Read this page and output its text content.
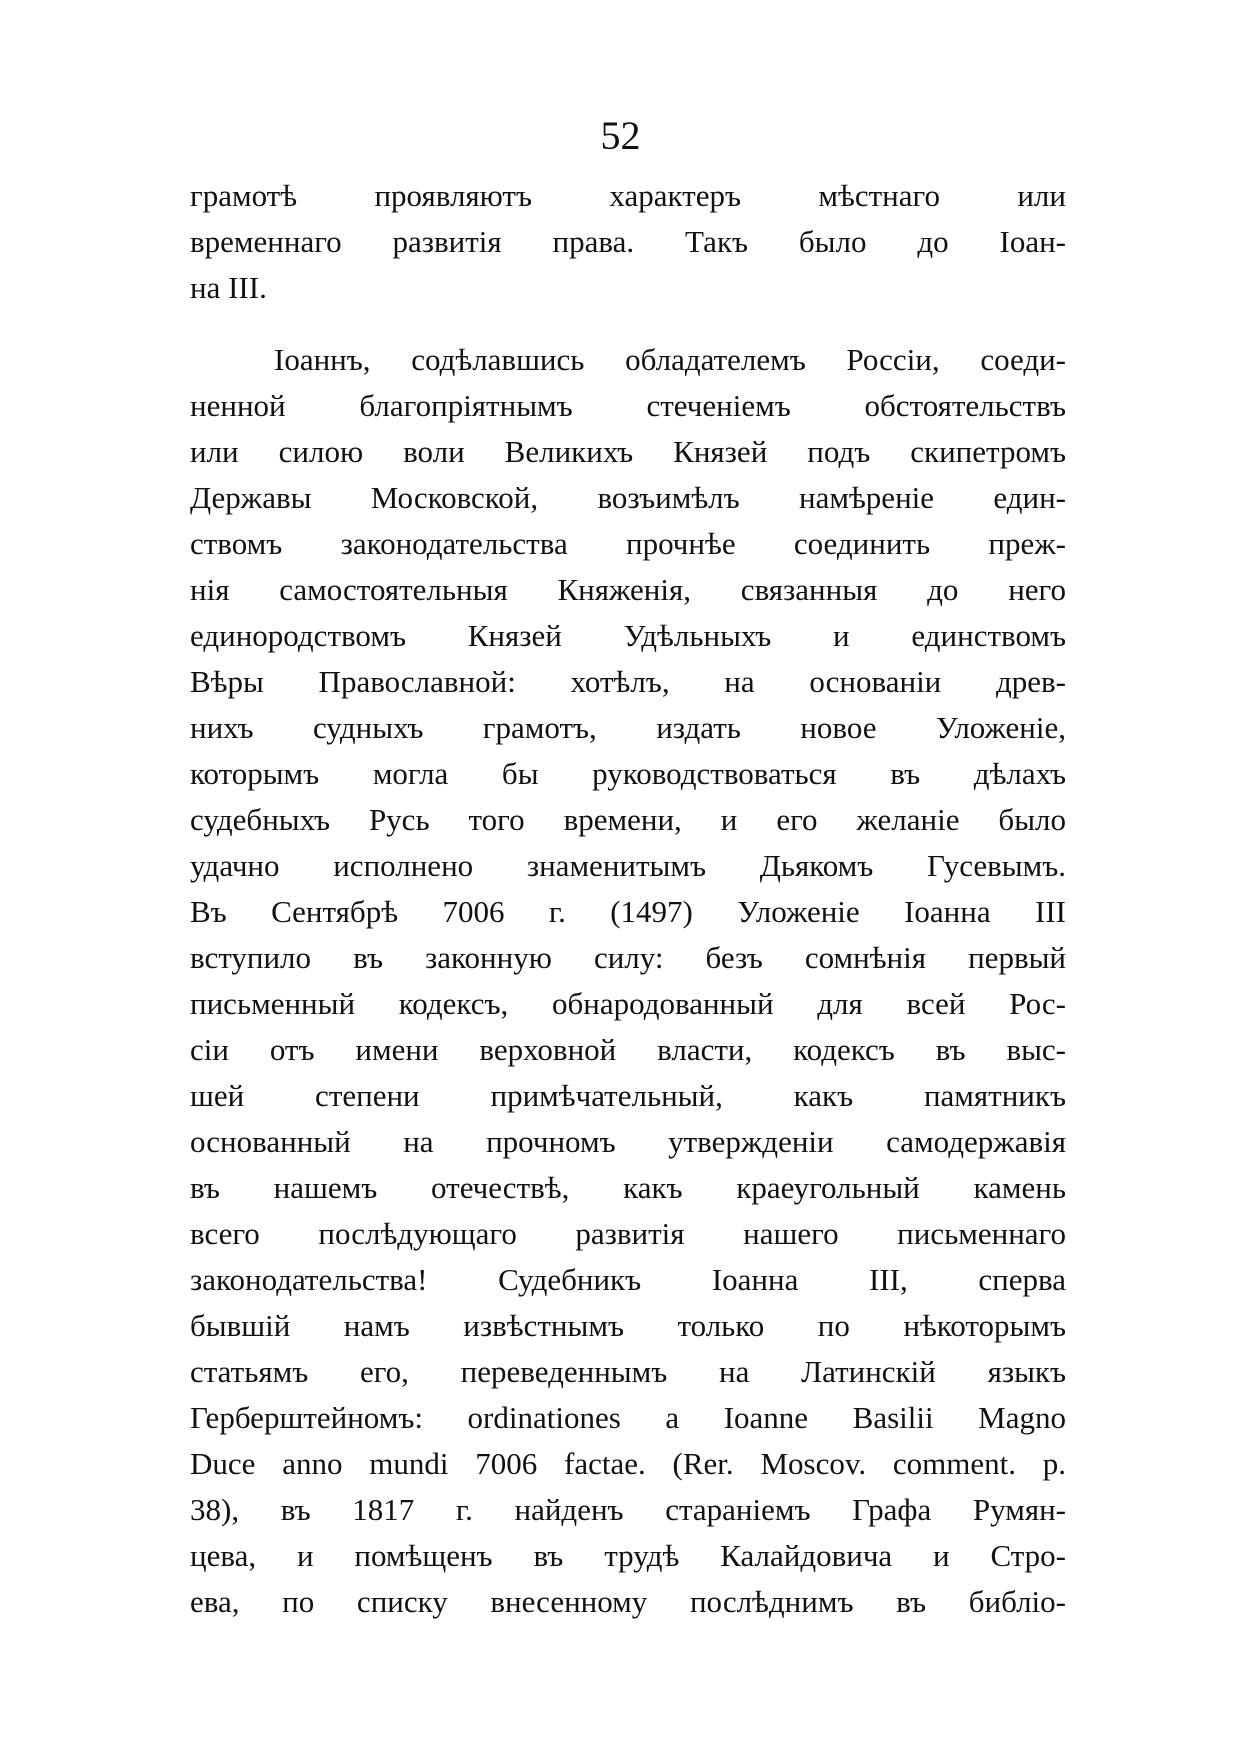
52
грамотѣ проявляютъ характеръ мѣстнаго или
временнаго развитія права. Такъ было до Іоан-
на III.
Іоаннъ, содѣлавшись обладателемъ Россіи, соеди-
ненной благопріятнымъ стеченіемъ обстоятельствъ
или силою воли Великихъ Князей подъ скипетромъ
Державы Московской, возъимѣлъ намѣреніе един-
ствомъ законодательства прочнѣе соединить преж-
нія самостоятельныя Княженія, связанныя до него
единородствомъ Князей Удѣльныхъ и единствомъ
Вѣры Православной: хотѣлъ, на основаніи древ-
нихъ судныхъ грамотъ, издать новое Уложеніе,
которымъ могла бы руководствоваться въ дѣлахъ
судебныхъ Русь того времени, и его желаніе было
удачно исполнено знаменитымъ Дьякомъ Гусевымъ.
Въ Сентябрѣ 7006 г. (1497) Уложеніе Іоанна III
вступило въ законную силу: безъ сомнѣнія первый
письменный кодексъ, обнародованный для всей Рос-
сіи отъ имени верховной власти, кодексъ въ выс-
шей степени примѣчательный, какъ памятникъ
основанный на прочномъ утвержденіи самодержавія
въ нашемъ отечествѣ, какъ краеугольный камень
всего послѣдующаго развитія нашего письменнаго
законодательства! Судебникъ Іоанна III, сперва
бывшій намъ извѣстнымъ только по нѣкоторымъ
статьямъ его, переведеннымъ на Латинскій языкъ
Герберштейномъ: ordinationes a Ioanne Basilii Magno
Duce anno mundi 7006 factae. (Rer. Moscov. comment. p.
38), въ 1817 г. найденъ стараніемъ Графа Румян-
цева, и помѣщенъ въ трудѣ Калайдовича и Стро-
ева, по списку внесенному послѣднимъ въ библіо-
